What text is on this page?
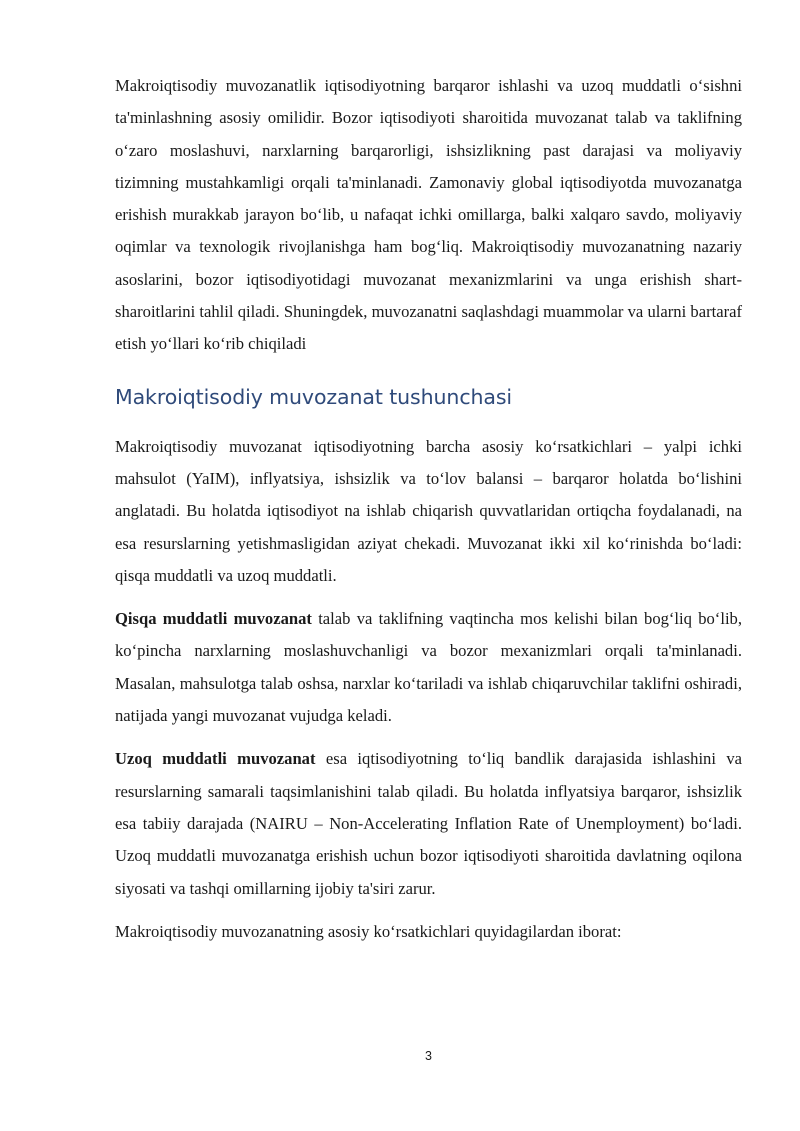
Makroiqtisodiy muvozanatlik iqtisodiyotning barqaror ishlashi va uzoq muddatli o‘sishni ta'minlashning asosiy omilidir. Bozor iqtisodiyoti sharoitida muvozanat talab va taklifning o‘zaro moslashuvi, narxlarning barqarorligi, ishsizlikning past darajasi va moliyaviy tizimning mustahkamligi orqali ta'minlanadi. Zamonaviy global iqtisodiyotda muvozanatga erishish murakkab jarayon bo‘lib, u nafaqat ichki omillarga, balki xalqaro savdo, moliyaviy oqimlar va texnologik rivojlanishga ham bog‘liq. Makroiqtisodiy muvozanatning nazariy asoslarini, bozor iqtisodiyotidagi muvozanat mexanizmlarini va unga erishish shart-sharoitlarini tahlil qiladi. Shuningdek, muvozanatni saqlashdagi muammolar va ularni bartaraf etish yo‘llari ko‘rib chiqiladi

Makroiqtisodiy muvozanat tushunchasi

Makroiqtisodiy muvozanat iqtisodiyotning barcha asosiy ko‘rsatkichlari – yalpi ichki mahsulot (YaIM), inflyatsiya, ishsizlik va to‘lov balansi – barqaror holatda bo‘lishini anglatadi. Bu holatda iqtisodiyot na ishlab chiqarish quvvatlaridan ortiqcha foydalanadi, na esa resurslarning yetishmasligidan aziyat chekadi. Muvozanat ikki xil ko‘rinishda bo‘ladi: qisqa muddatli va uzoq muddatli.

Qisqa muddatli muvozanat talab va taklifning vaqtincha mos kelishi bilan bog‘liq bo‘lib, ko‘pincha narxlarning moslashuvchanligi va bozor mexanizmlari orqali ta'minlanadi. Masalan, mahsulotga talab oshsa, narxlar ko‘tariladi va ishlab chiqaruvchilar taklifni oshiradi, natijada yangi muvozanat vujudga keladi.

Uzoq muddatli muvozanat esa iqtisodiyotning to‘liq bandlik darajasida ishlashini va resurslarning samarali taqsimlanishini talab qiladi. Bu holatda inflyatsiya barqaror, ishsizlik esa tabiiy darajada (NAIRU – Non-Accelerating Inflation Rate of Unemployment) bo‘ladi. Uzoq muddatli muvozanatga erishish uchun bozor iqtisodiyoti sharoitida davlatning oqilona siyosati va tashqi omillarning ijobiy ta'siri zarur.

Makroiqtisodiy muvozanatning asosiy ko‘rsatkichlari quyidagilardan iborat:

3
